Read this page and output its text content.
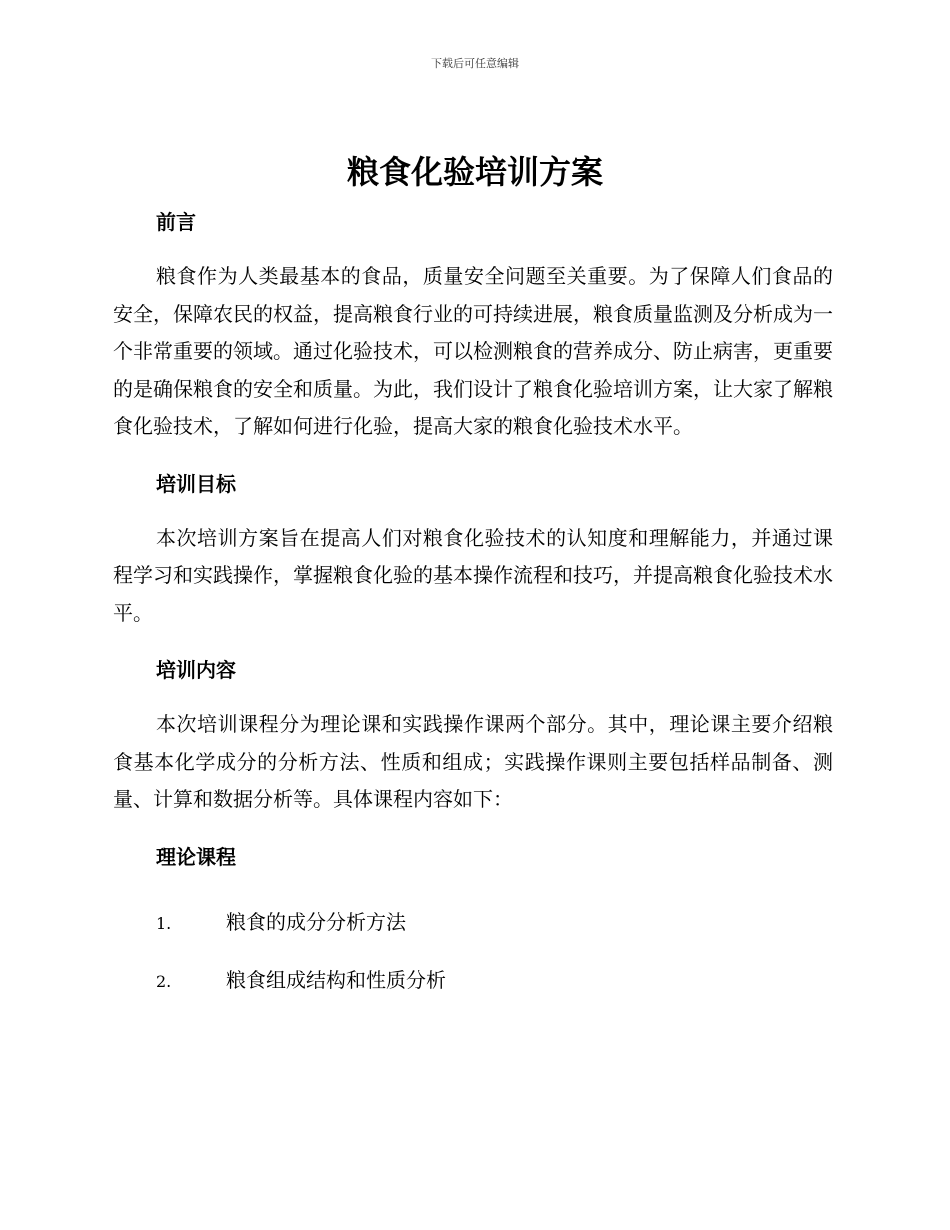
下载后可任意编辑
粮食化验培训方案
前言

粮食作为人类最基本的食品，质量安全问题至关重要。为了保障人们食品的安全，保障农民的权益，提高粮食行业的可持续进展，粮食质量监测及分析成为一个非常重要的领域。通过化验技术，可以检测粮食的营养成分、防止病害，更重要的是确保粮食的安全和质量。为此，我们设计了粮食化验培训方案，让大家了解粮食化验技术，了解如何进行化验，提高大家的粮食化验技术水平。

培训目标

本次培训方案旨在提高人们对粮食化验技术的认知度和理解能力，并通过课程学习和实践操作，掌握粮食化验的基本操作流程和技巧，并提高粮食化验技术水平。

培训内容

本次培训课程分为理论课和实践操作课两个部分。其中，理论课主要介绍粮食基本化学成分的分析方法、性质和组成；实践操作课则主要包括样品制备、测量、计算和数据分析等。具体课程内容如下：

理论课程
1.	粮食的成分分析方法
2.	粮食组成结构和性质分析
